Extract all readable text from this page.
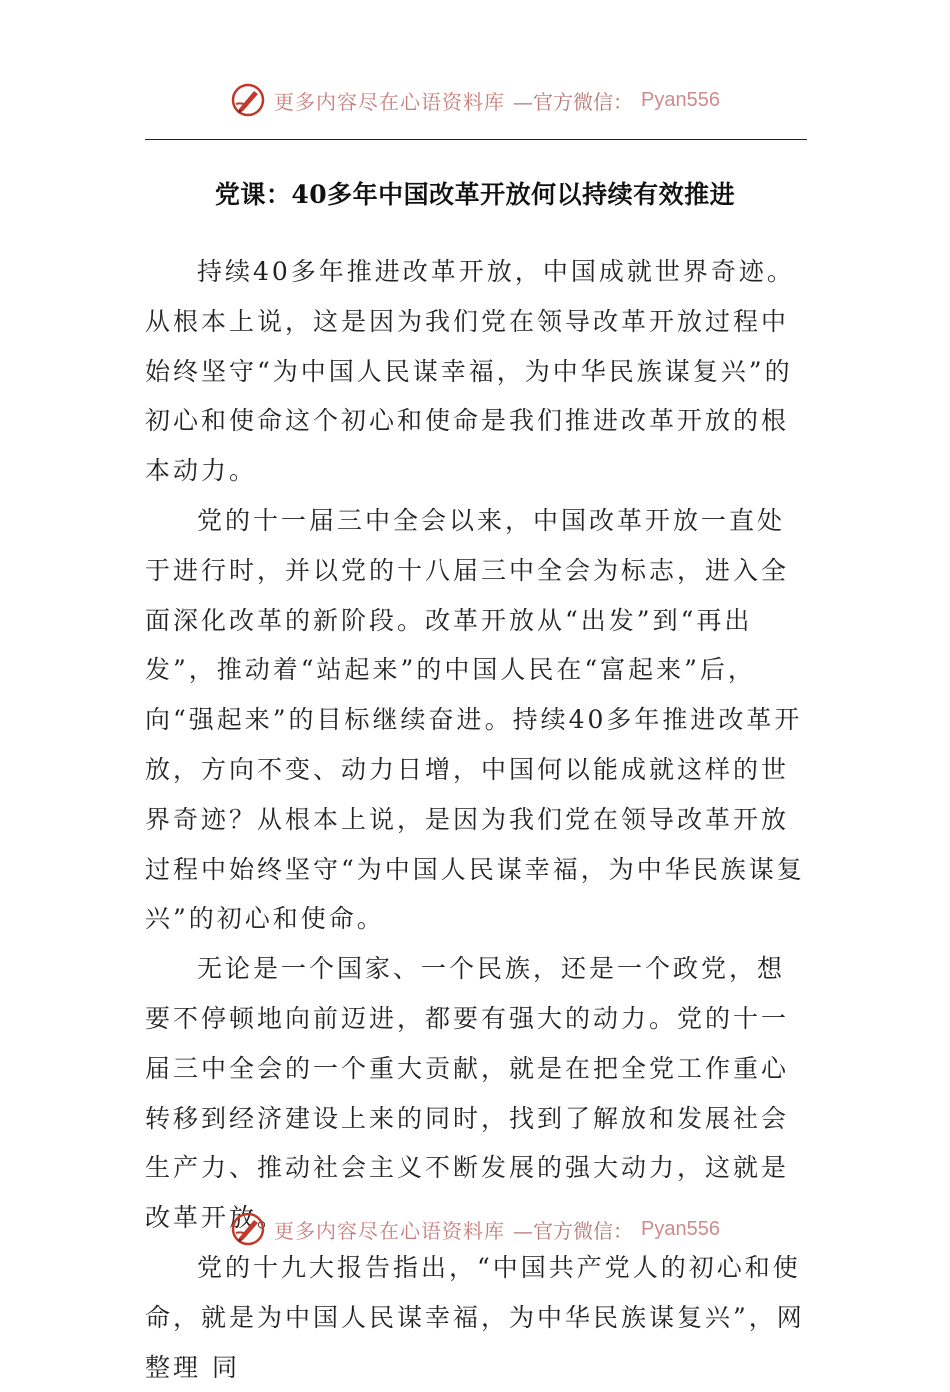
更多内容尽在心语资料库 —官方微信： Pyan556
党课：40多年中国改革开放何以持续有效推进

持续40多年推进改革开放，中国成就世界奇迹。从根本上说，这是因为我们党在领导改革开放过程中始终坚守“为中国人民谋幸福，为中华民族谋复兴”的初心和使命这个初心和使命是我们推进改革开放的根本动力。

党的十一届三中全会以来，中国改革开放一直处于进行时，并以党的十八届三中全会为标志，进入全面深化改革的新阶段。改革开放从“出发”到“再出发”，推动着“站起来”的中国人民在“富起来”后，向“强起来”的目标继续奋进。持续40多年推进改革开放，方向不变、动力日增，中国何以能成就这样的世界奇迹？从根本上说，是因为我们党在领导改革开放过程中始终坚守“为中国人民谋幸福，为中华民族谋复兴”的初心和使命。

无论是一个国家、一个民族，还是一个政党，想要不停顿地向前迈进，都要有强大的动力。党的十一届三中全会的一个重大贡献，就是在把全党工作重心转移到经济建设上来的同时，找到了解放和发展社会生产力、推动社会主义不断发展的强大动力，这就是改革开放。

党的十九大报告指出，“中国共产党人的初心和使命，就是为中国人民谋幸福，为中华民族谋复兴”，网整理 同

更多内容尽在心语资料库 —官方微信： Pyan556
